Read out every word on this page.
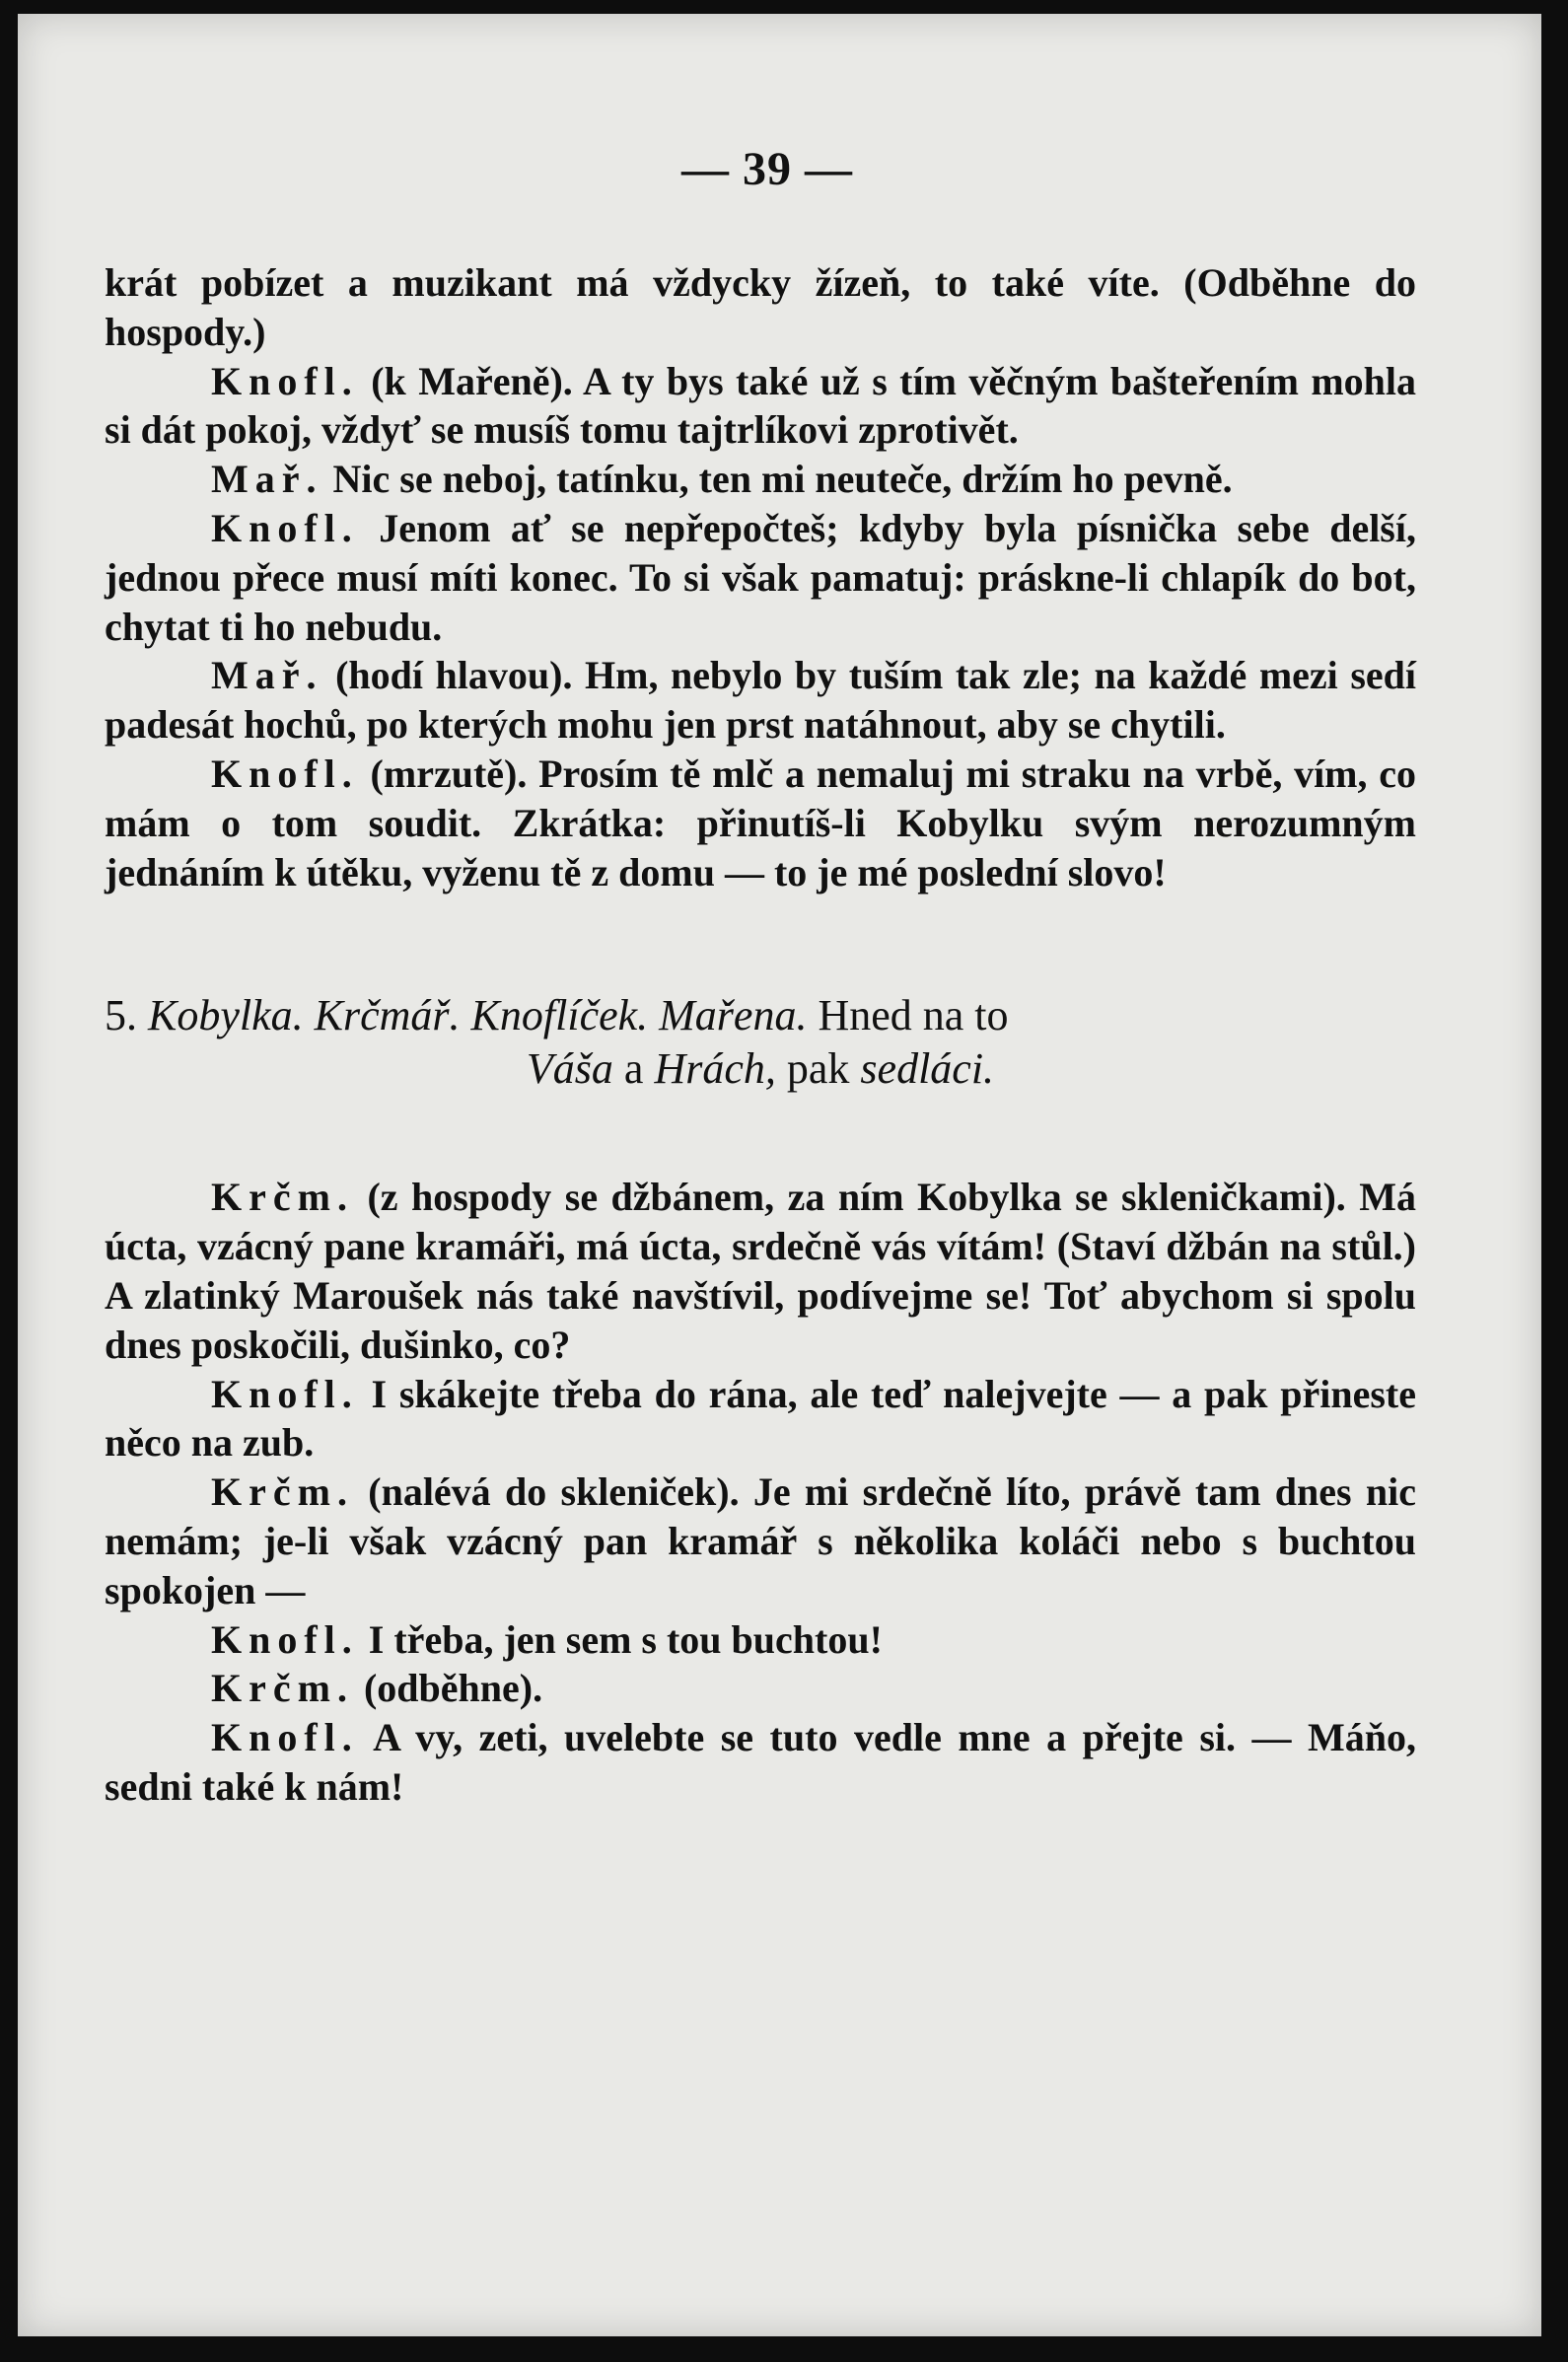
— 39 —

krát pobízet a muzikant má vždycky žízeň, to také víte. (Odběhne do hospody.)

Knofl. (k Mařeně). A ty bys také už s tím věčným bašteřením mohla si dát pokoj, vždyť se musíš tomu tajtrlíkovi zprotivět.

Mař. Nic se neboj, tatínku, ten mi neuteče, držím ho pevně.

Knofl. Jenom ať se nepřepočteš; kdyby byla písnička sebe delší, jednou přece musí míti konec. To si však pamatuj: práskne-li chlapík do bot, chytat ti ho nebudu.

Mař. (hodí hlavou). Hm, nebylo by tuším tak zle; na každé mezi sedí padesát hochů, po kterých mohu jen prst natáhnout, aby se chytili.

Knofl. (mrzutě). Prosím tě mlč a nemaluj mi straku na vrbě, vím, co mám o tom soudit. Zkrátka: přinutíš-li Kobylku svým nerozumným jednáním k útěku, vyženu tě z domu — to je mé poslední slovo!

5. Kobylka. Krčmář. Knoflíček. Mařena. Hned na to
Váša a Hrách, pak sedláci.

Krčm. (z hospody se džbánem, za ním Kobylka se skleničkami). Má úcta, vzácný pane kramáři, má úcta, srdečně vás vítám! (Staví džbán na stůl.) A zlatinký Maroušek nás také navštívil, podívejme se! Toť abychom si spolu dnes poskočili, dušinko, co?

Knofl. I skákejte třeba do rána, ale teď nalejvejte — a pak přineste něco na zub.

Krčm. (nalévá do skleniček). Je mi srdečně líto, právě tam dnes nic nemám; je-li však vzácný pan kramář s několika koláči nebo s buchtou spokojen —

Knofl. I třeba, jen sem s tou buchtou!

Krčm. (odběhne).

Knofl. A vy, zeti, uvelebte se tuto vedle mne a přejte si. — Máňo, sedni také k nám!
